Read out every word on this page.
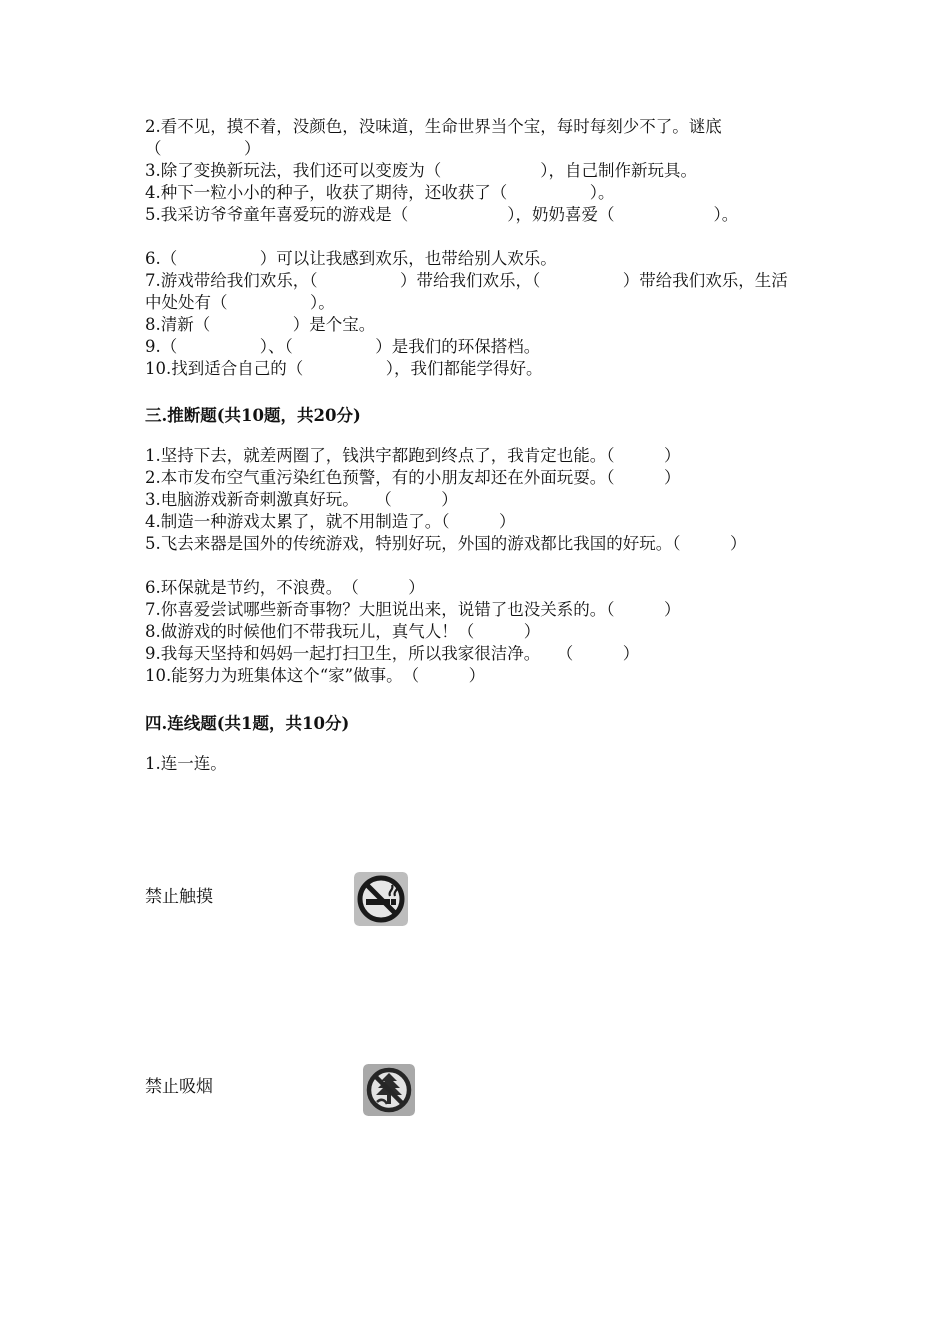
2.看不见，摸不着，没颜色，没味道，生命世界当个宝，每时每刻少不了。谜底（　　　　　）
3.除了变换新玩法，我们还可以变废为（　　　　　　），自己制作新玩具。
4.种下一粒小小的种子，收获了期待，还收获了（　　　　　）。
5.我采访爷爷童年喜爱玩的游戏是（　　　　　　），奶奶喜爱（　　　　　　）。
6.（　　　　　）可以让我感到欢乐，也带给别人欢乐。
7.游戏带给我们欢乐，（　　　　　）带给我们欢乐，（　　　　　）带给我们欢乐，生活中处处有（　　　　　）。
8.清新（　　　　　）是个宝。
9.（　　　　　）、（　　　　　）是我们的环保搭档。
10.找到适合自己的（　　　　　），我们都能学得好。
三.推断题(共10题，共20分)
1.坚持下去，就差两圈了，钱洪宇都跑到终点了，我肯定也能。（　　　）
2.本市发布空气重污染红色预警，有的小朋友却还在外面玩耍。（　　　）
3.电脑游戏新奇刺激真好玩。　　（　　　）
4.制造一种游戏太累了，就不用制造了。（　　　）
5.飞去来器是国外的传统游戏，特别好玩，外国的游戏都比我国的好玩。（　　　）
6.环保就是节约，不浪费。　（　　　）
7.你喜爱尝试哪些新奇事物？大胆说出来，说错了也没关系的。（　　　）
8.做游戏的时候他们不带我玩儿，真气人！（　　　）
9.我每天坚持和妈妈一起打扫卫生，所以我家很洁净。　　（　　　）
10.能努力为班集体这个“家”做事。　（　　　）
四.连线题(共1题，共10分)
1.连一连。
禁止触摸
禁止吸烟
